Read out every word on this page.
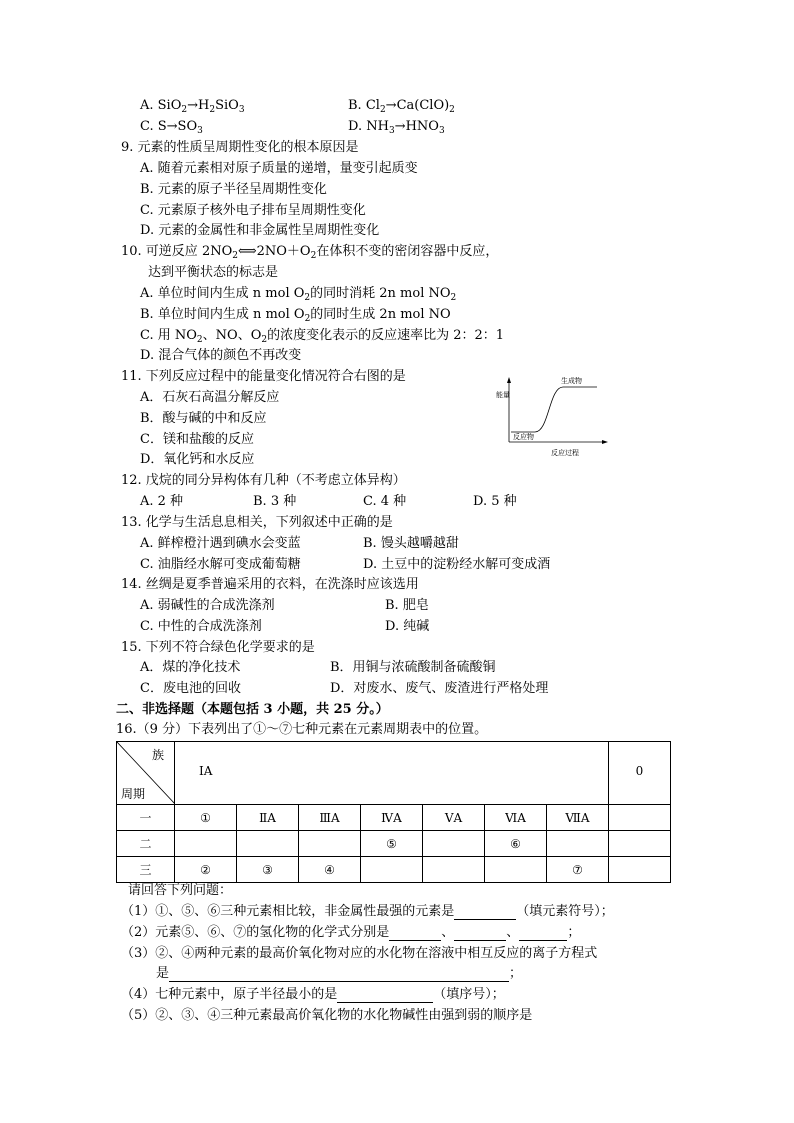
A. $SiO_2\to H_2SiO_3$	B. $Cl_2\to Ca(ClO)_2$
C. $S\to SO_3$	D. $NH_3\to HNO_3$
9. 元素的性质呈周期性变化的根本原因是
A. 随着元素相对原子质量的递增，量变引起质变
B. 元素的原子半径呈周期性变化
C. 元素原子核外电子排布呈周期性变化
D. 元素的金属性和非金属性呈周期性变化
10. 可逆反应 $2NO_2⟺2NO+O_2$在体积不变的密闭容器中反应，
达到平衡状态的标志是
A. 单位时间内生成 n mol $O_2$的同时消耗 2n mol $NO_2$
B. 单位时间内生成 n mol $O_2$的同时生成 2n mol NO
C. 用 $NO_2$、NO、$O_2$的浓度变化表示的反应速率比为 2：2：1
D. 混合气体的颜色不再改变
11. 下列反应过程中的能量变化情况符合右图的是
A．石灰石高温分解反应
B．酸与碱的中和反应
C．镁和盐酸的反应
D．氧化钙和水反应
能量
生成物
反应物
反应过程
12. 戊烷的同分异构体有几种（不考虑立体异构）
A. 2 种	B. 3 种	C. 4 种	D. 5 种
13. 化学与生活息息相关，下列叙述中正确的是
A. 鲜榨橙汁遇到碘水会变蓝	B. 馒头越嚼越甜
C. 油脂经水解可变成葡萄糖	D. 土豆中的淀粉经水解可变成酒
14. 丝绸是夏季普遍采用的衣料，在洗涤时应该选用
A. 弱碱性的合成洗涤剂	B. 肥皂
C. 中性的合成洗涤剂	D. 纯碱
15. 下列不符合绿色化学要求的是
A．煤的净化技术	B．用铜与浓硫酸制备硫酸铜
C．废电池的回收	D．对废水、废气、废渣进行严格处理
二、非选择题（本题包括 3 小题，共 25 分。）
16.（9 分）下表列出了①～⑦七种元素在元素周期表中的位置。
族
周期	ⅠA							0
一	①	ⅡA	ⅢA	ⅣA	ⅤA	ⅥA	ⅦA	
二				⑤		⑥		
三	②	③	④				⑦	
请回答下列问题：
（1）①、⑤、⑥三种元素相比较，非金属性最强的元素是	（填元素符号）；
（2）元素⑤、⑥、⑦的氢化物的化学式分别是	、	、	；
（3）②、④两种元素的最高价氧化物对应的水化物在溶液中相互反应的离子方程式
是	；
（4）七种元素中，原子半径最小的是	（填序号）；
（5）②、③、④三种元素最高价氧化物的水化物碱性由强到弱的顺序是
